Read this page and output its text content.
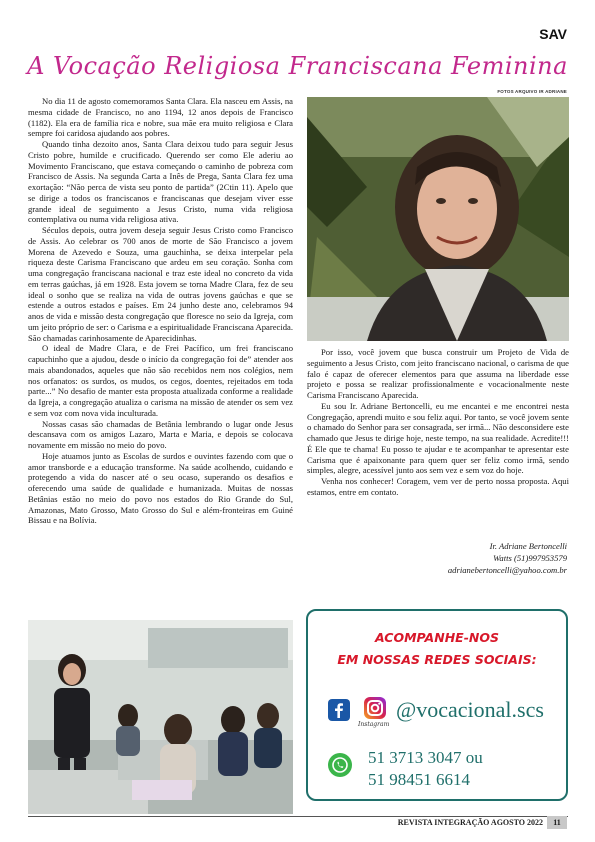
SAV
A Vocação Religiosa Franciscana Feminina
FOTOS ARQUIVO IR ADRIANE

No dia 11 de agosto comemoramos Santa Clara. Ela nasceu em Assis, na mesma cidade de Francisco, no ano 1194, 12 anos depois de Francisco (1182). Ela era de família rica e nobre, sua mãe era muito religiosa e Clara sempre foi caridosa ajudando aos pobres.

Quando tinha dezoito anos, Santa Clara deixou tudo para seguir Jesus Cristo pobre, humilde e crucificado. Querendo ser como Ele aderiu ao Movimento Franciscano, que estava começando o caminho de pobreza com Francisco de Assis. Na segunda Carta a Inês de Prega, Santa Clara fez uma exortação: “Não perca de vista seu ponto de partida” (2Ctin 11). Apelo que se dirige a todos os franciscanos e franciscanas que desejam viver esse grande ideal de seguimento a Jesus Cristo, numa vida religiosa contemplativa ou numa vida religiosa ativa.

Séculos depois, outra jovem deseja seguir Jesus Cristo como Francisco de Assis. Ao celebrar os 700 anos de morte de São Francisco a jovem Morena de Azevedo e Souza, uma gauchinha, se deixa interpelar pela riqueza deste Carisma Franciscano que ardeu em seu coração. Sonha com uma congregação franciscana nacional e traz este ideal no concreto da vida em terras gaúchas, já em 1928. Esta jovem se torna Madre Clara, fez de seu ideal o sonho que se realiza na vida de outras jovens gaúchas e que se estende a outros estados e países. Em 24 junho deste ano, celebramos 94 anos de vida e missão desta congregação que floresce no seio da Igreja, com um jeito próprio de ser: o Carisma e a espiritualidade Franciscana Aparecida. São chamadas carinhosamente de Aparecidinhas.

O ideal de Madre Clara, e de Frei Pacífico, um frei franciscano capuchinho que a ajudou, desde o início da congregação foi de” atender aos mais abandonados, aqueles que não são recebidos nem nos colégios, nem nos orfanatos: os surdos, os mudos, os cegos, doentes, rejeitados em toda parte...” No desafio de manter esta proposta atualizada conforme a realidade da Igreja, a congregação atualiza o carisma na missão de atender os sem vez e sem voz com nova vida inculturada.

Nossas casas são chamadas de Betânia lembrando o lugar onde Jesus descansava com os amigos Lazaro, Marta e Maria, e depois se colocava novamente em missão no meio do povo.

Hoje atuamos junto as Escolas de surdos e ouvintes fazendo com que o amor transborde e a educação transforme. Na saúde acolhendo, cuidando e protegendo a vida do nascer até o seu ocaso, superando os desafios e oferecendo uma saúde de qualidade e humanizada. Muitas de nossas Betânias estão no meio do povo nos estados do Rio Grande do Sul, Amazonas, Mato Grosso, Mato Grosso do Sul e além-fronteiras em Guiné Bissau e na Bolívia.

Por isso, você jovem que busca construir um Projeto de Vida de seguimento a Jesus Cristo, com jeito franciscano nacional, o carisma de que falo é capaz de oferecer elementos para que assuma na liberdade esse projeto e possa se realizar profissionalmente e vocacionalmente neste Carisma Franciscano Aparecida.

Eu sou Ir. Adriane Bertoncelli, eu me encantei e me encontrei nesta Congregação, aprendi muito e sou feliz aqui. Por tanto, se você jovem sente o chamado do Senhor para ser consagrada, ser irmã... Não desconsidere este chamado que Jesus te dirige hoje, neste tempo, na sua realidade. Acredite!!! É Ele que te chama! Eu posso te ajudar e te acompanhar te apresentar este Carisma que é apaixonante para quem quer ser feliz como irmã, sendo simples, alegre, acessível junto aos sem vez e sem voz do hoje.

Venha nos conhecer! Coragem, vem ver de perto nossa proposta. Aqui estamos, entre em contato.

Ir. Adriane Bertoncelli
Watts (51)997953579
adrianebertoncelli@yahoo.com.br
ACOMPANHE-NOS
EM NOSSAS REDES SOCIAIS:
Instagram
@vocacional.scs
51 3713 3047 ou
51 98451 6614
REVISTA INTEGRAÇÃO AGOSTO 2022	11
